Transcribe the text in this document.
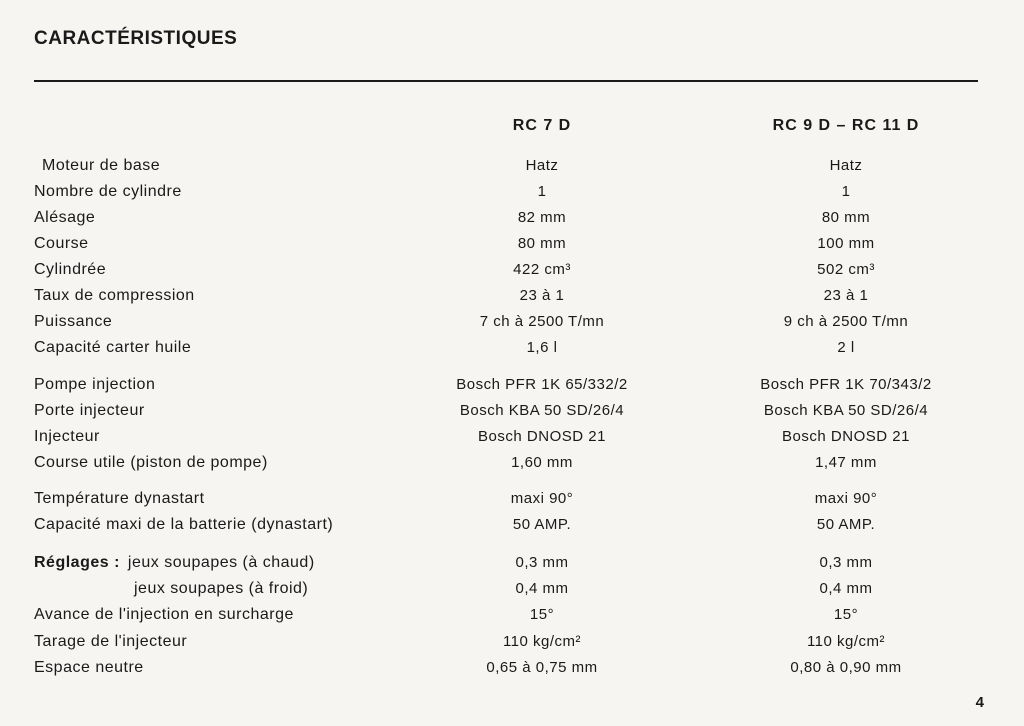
CARACTÉRISTIQUES
RC 7 D	RC 9 D – RC 11 D
Moteur de base	Hatz	Hatz
Nombre de cylindre	1	1
Alésage	82 mm	80 mm
Course	80 mm	100 mm
Cylindrée	422 cm³	502 cm³
Taux de compression	23 à 1	23 à 1
Puissance	7 ch à 2500 T/mn	9 ch à 2500 T/mn
Capacité carter huile	1,6 l	2 l
Pompe injection	Bosch PFR 1K 65/332/2	Bosch PFR 1K 70/343/2
Porte injecteur	Bosch KBA 50 SD/26/4	Bosch KBA 50 SD/26/4
Injecteur	Bosch DNOSD 21	Bosch DNOSD 21
Course utile (piston de pompe)	1,60 mm	1,47 mm
Température dynastart	maxi 90°	maxi 90°
Capacité maxi de la batterie (dynastart)	50 AMP.	50 AMP.
Réglages : jeux soupapes (à chaud)	0,3 mm	0,3 mm
jeux soupapes (à froid)	0,4 mm	0,4 mm
Avance de l'injection en surcharge	15°	15°
Tarage de l'injecteur	110 kg/cm²	110 kg/cm²
Espace neutre	0,65 à 0,75 mm	0,80 à 0,90 mm
4
